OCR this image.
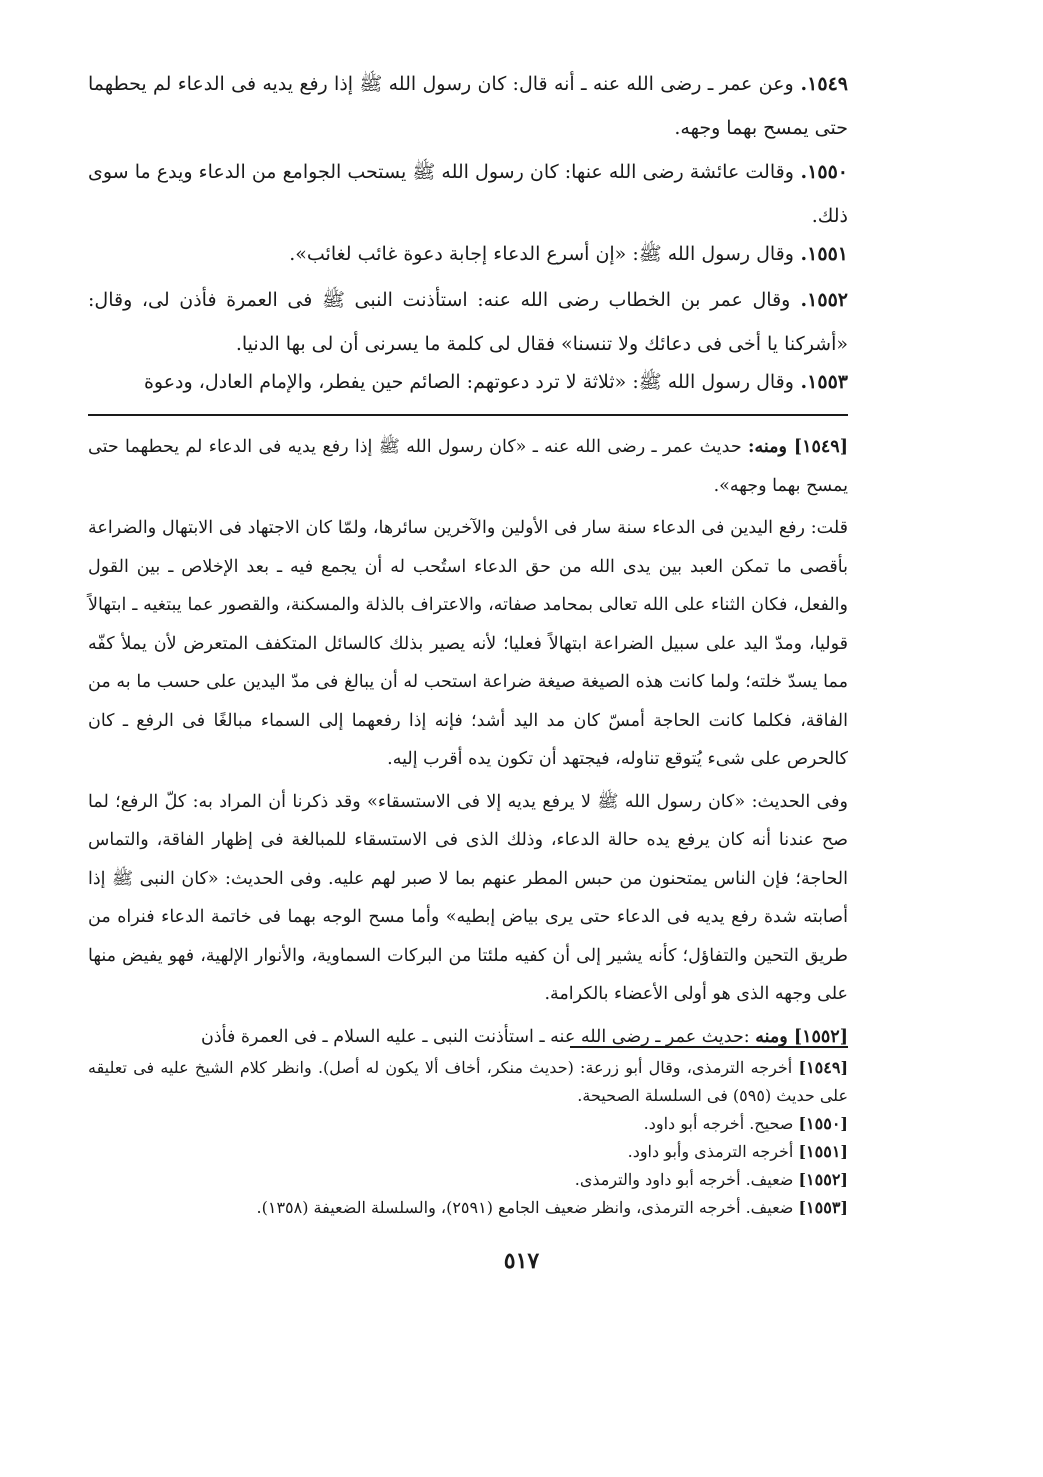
١٥٤٩. وعن عمر ـ رضى الله عنه ـ أنه قال: كان رسول الله ﷺ إذا رفع يديه فى الدعاء لم يحطهما حتى يمسح بهما وجهه.
١٥٥٠. وقالت عائشة رضى الله عنها: كان رسول الله ﷺ يستحب الجوامع من الدعاء ويدع ما سوى ذلك.
١٥٥١. وقال رسول الله ﷺ: «إن أسرع الدعاء إجابة دعوة غائب لغائب».
١٥٥٢. وقال عمر بن الخطاب رضى الله عنه: استأذنت النبى ﷺ فى العمرة فأذن لى، وقال: «أشركنا يا أخى فى دعائك ولا تنسنا» فقال لى كلمة ما يسرنى أن لى بها الدنيا.
١٥٥٣. وقال رسول الله ﷺ: «ثلاثة لا ترد دعوتهم: الصائم حين يفطر، والإمام العادل، ودعوة

[١٥٤٩] ومنه: حديث عمر ـ رضى الله عنه ـ «كان رسول الله ﷺ إذا رفع يديه فى الدعاء لم يحطهما حتى يمسح بهما وجهه».

قلت: رفع اليدين فى الدعاء سنة سار فى الأولين والآخرين سائرها، ولمّا كان الاجتهاد فى الابتهال والضراعة بأقصى ما تمكن العبد بين يدى الله من حق الدعاء استُحب له أن يجمع فيه ـ بعد الإخلاص ـ بين القول والفعل، فكان الثناء على الله تعالى بمحامد صفاته، والاعتراف بالذلة والمسكنة، والقصور عما يبتغيه ـ ابتهالاً قوليا، ومدّ اليد على سبيل الضراعة ابتهالاً فعليا؛ لأنه يصير بذلك كالسائل المتكفف المتعرض لأن يملأ كفّه مما يسدّ خلته؛ ولما كانت هذه الصيغة صيغة ضراعة استحب له أن يبالغ فى مدّ اليدين على حسب ما به من الفاقة، فكلما كانت الحاجة أمسّ كان مد اليد أشد؛ فإنه إذا رفعهما إلى السماء مبالغًا فى الرفع ـ كان كالحرص على شىء يُتوقع تناوله، فيجتهد أن تكون يده أقرب إليه.

وفى الحديث: «كان رسول الله ﷺ لا يرفع يديه إلا فى الاستسقاء» وقد ذكرنا أن المراد به: كلّ الرفع؛ لما صح عندنا أنه كان يرفع يده حالة الدعاء، وذلك الذى فى الاستسقاء للمبالغة فى إظهار الفاقة، والتماس الحاجة؛ فإن الناس يمتحنون من حبس المطر عنهم بما لا صبر لهم عليه. وفى الحديث: «كان النبى ﷺ إذا أصابته شدة رفع يديه فى الدعاء حتى يرى بياض إبطيه» وأما مسح الوجه بهما فى خاتمة الدعاء فنراه من طريق التحين والتفاؤل؛ كأنه يشير إلى أن كفيه ملئتا من البركات السماوية، والأنوار الإلهية، فهو يفيض منها على وجهه الذى هو أولى الأعضاء بالكرامة.

[١٥٥٢] ومنه :حديث عمر ـ رضى الله عنه ـ استأذنت النبى ـ عليه السلام ـ فى العمرة فأذن

[١٥٤٩] أخرجه الترمذى، وقال أبو زرعة: (حديث منكر، أخاف ألا يكون له أصل). وانظر كلام الشيخ عليه فى تعليقه على حديث (٥٩٥) فى السلسلة الصحيحة.

[١٥٥٠] صحيح. أخرجه أبو داود.

[١٥٥١] أخرجه الترمذى وأبو داود.

[١٥٥٢] ضعيف. أخرجه أبو داود والترمذى.

[١٥٥٣] ضعيف. أخرجه الترمذى، وانظر ضعيف الجامع (٢٥٩١)، والسلسلة الضعيفة (١٣٥٨).

٥١٧
